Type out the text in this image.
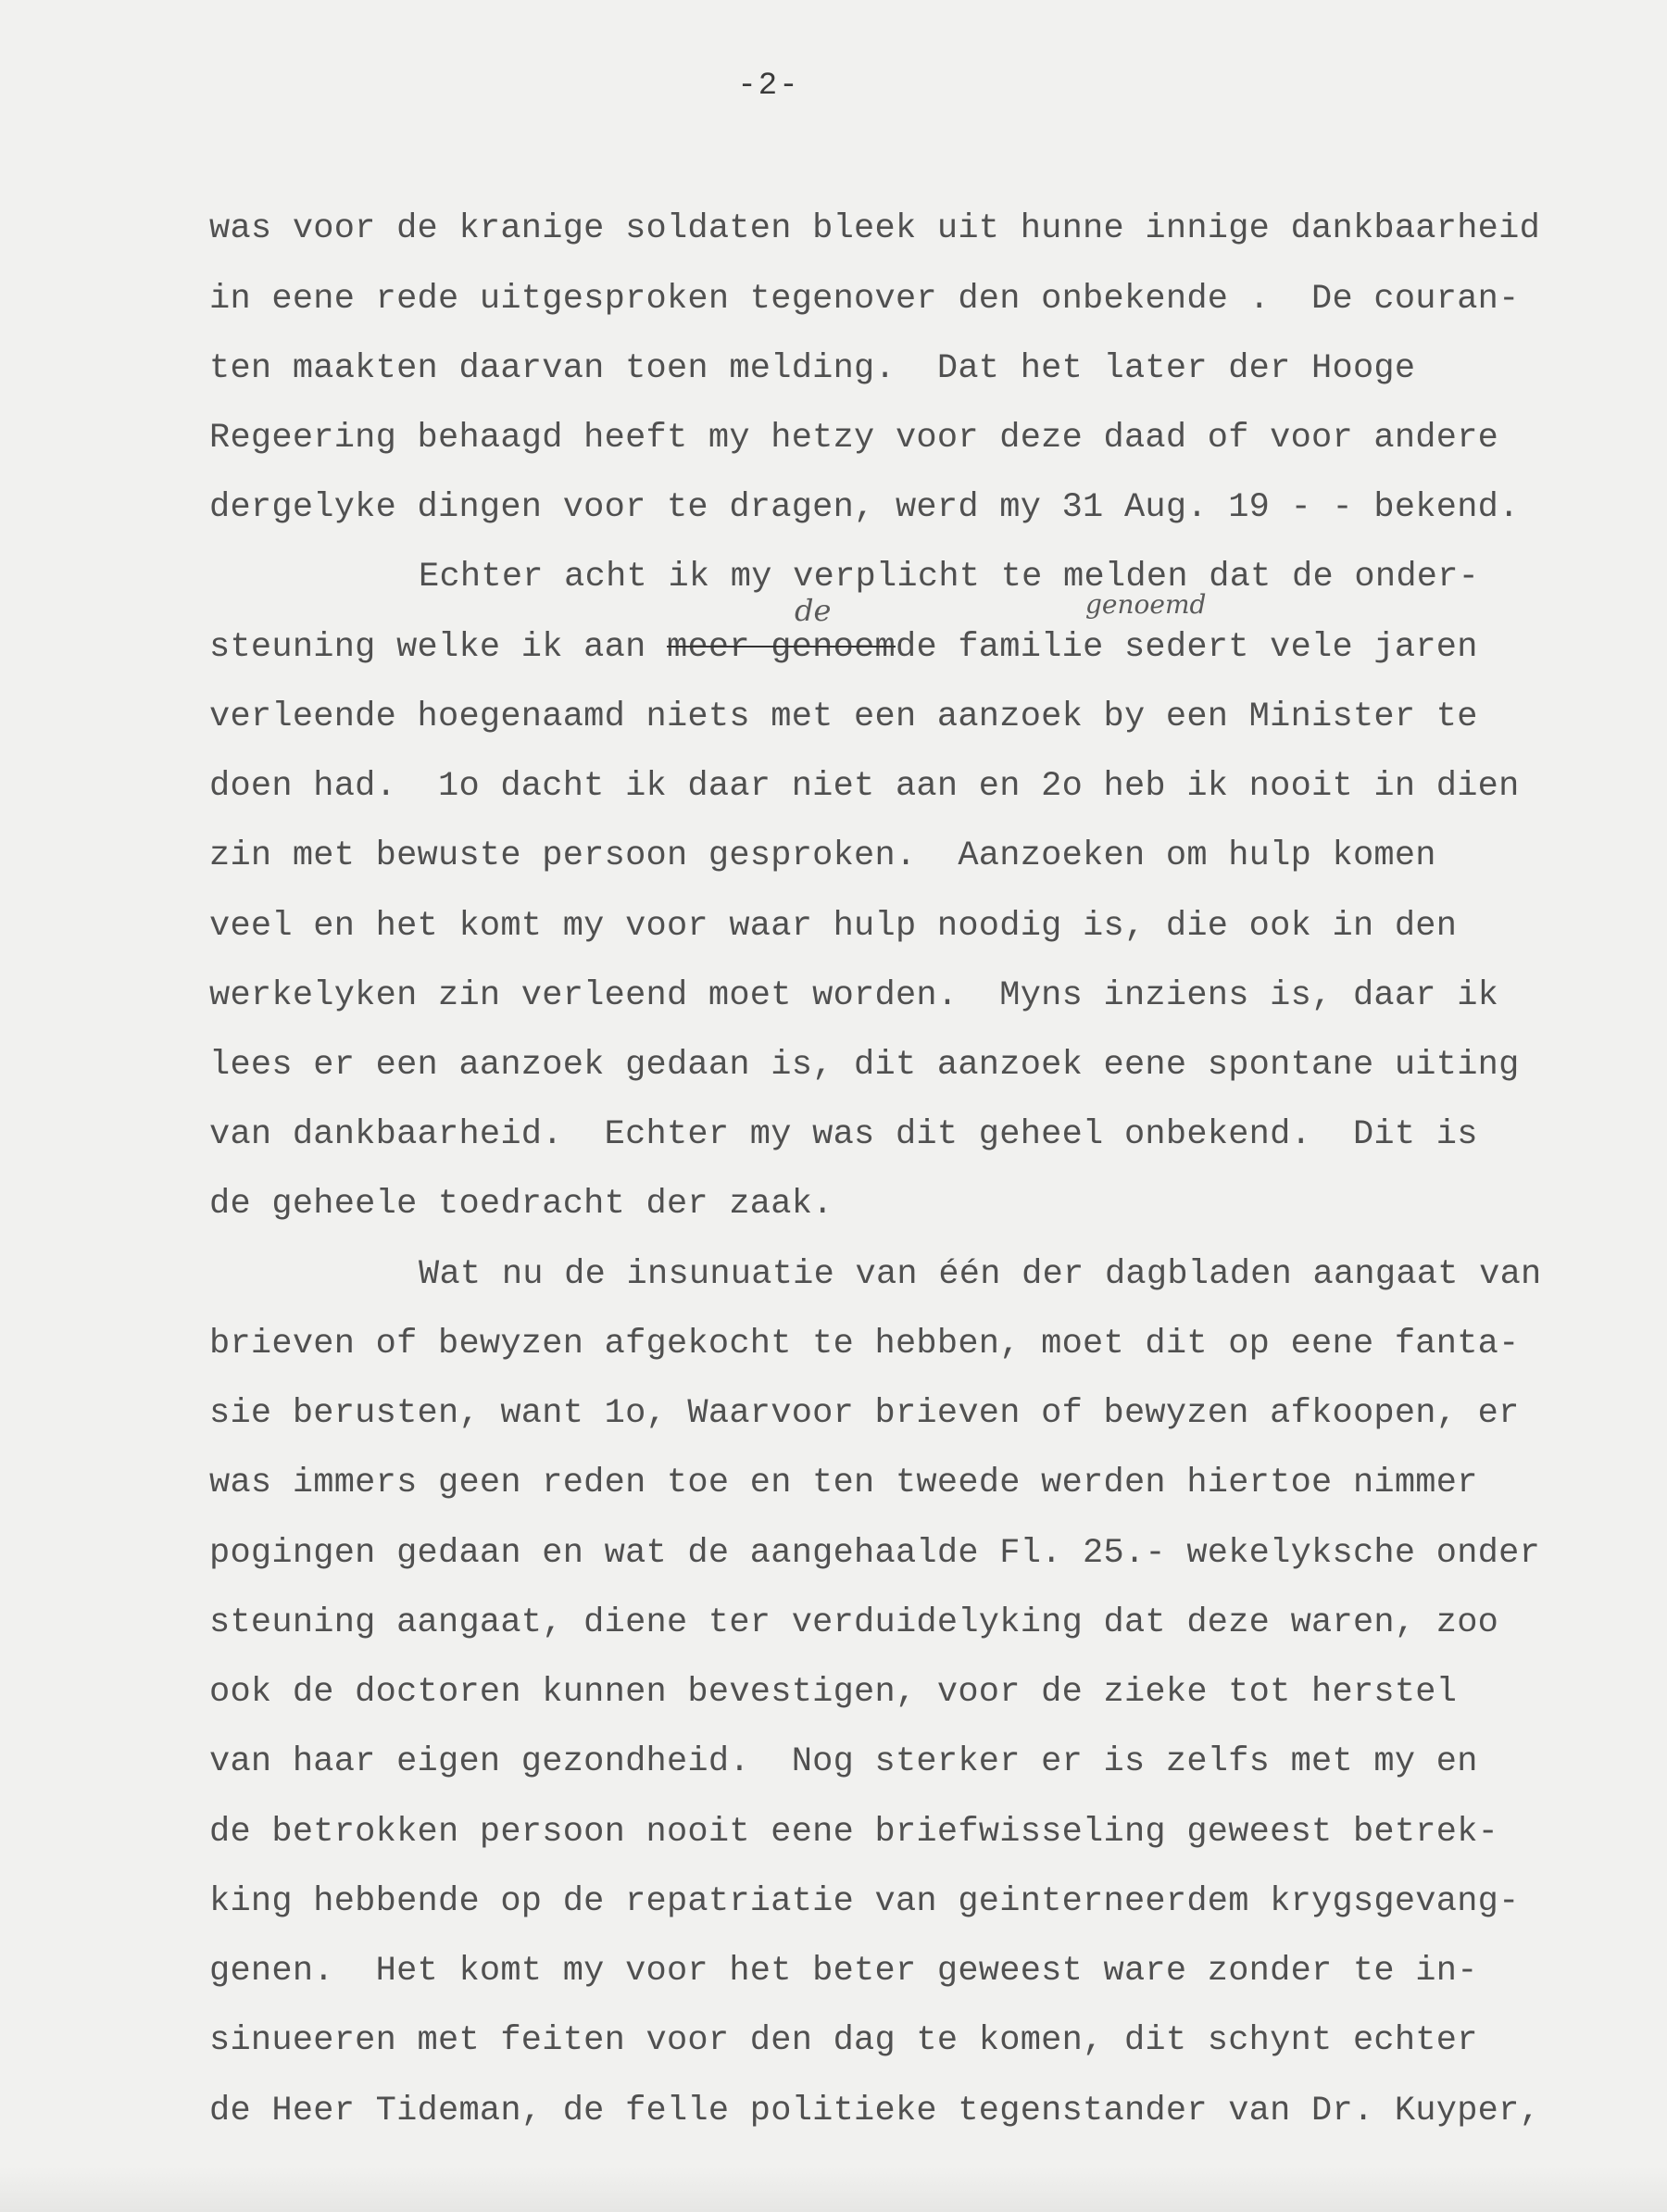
-2-
was voor de kranige soldaten bleek uit hunne innige dankbaarheid
in eene rede uitgesproken tegenover den onbekende .  De couran-
ten maakten daarvan toen melding.  Dat het later der Hooge
Regeering behaagd heeft my hetzy voor deze daad of voor andere
dergelyke dingen voor te dragen, werd my 31 Aug. 19 - - bekend.
Echter acht ik my verplicht te melden dat de onder-
steuning welke ik aan meer genoemde familie sedert vele jaren
verleende hoegenaamd niets met een aanzoek by een Minister te
doen had.  1o dacht ik daar niet aan en 2o heb ik nooit in dien
zin met bewuste persoon gesproken.  Aanzoeken om hulp komen
veel en het komt my voor waar hulp noodig is, die ook in den
werkelyken zin verleend moet worden.  Myns inziens is, daar ik
lees er een aanzoek gedaan is, dit aanzoek eene spontane uiting
van dankbaarheid.  Echter my was dit geheel onbekend.  Dit is
de geheele toedracht der zaak.
Wat nu de insunuatie van één der dagbladen aangaat van
brieven of bewyzen afgekocht te hebben, moet dit op eene fanta-
sie berusten, want 1o, Waarvoor brieven of bewyzen afkoopen, er
was immers geen reden toe en ten tweede werden hiertoe nimmer
pogingen gedaan en wat de aangehaalde Fl. 25.- wekelyksche onder
steuning aangaat, diene ter verduidelyking dat deze waren, zoo
ook de doctoren kunnen bevestigen, voor de zieke tot herstel
van haar eigen gezondheid.  Nog sterker er is zelfs met my en
de betrokken persoon nooit eene briefwisseling geweest betrek-
king hebbende op de repatriatie van geinterneerdem krygsgevang-
genen.  Het komt my voor het beter geweest ware zonder te in-
sinueeren met feiten voor den dag te komen, dit schynt echter
de Heer Tideman, de felle politieke tegenstander van Dr. Kuyper,
de	genoemd
